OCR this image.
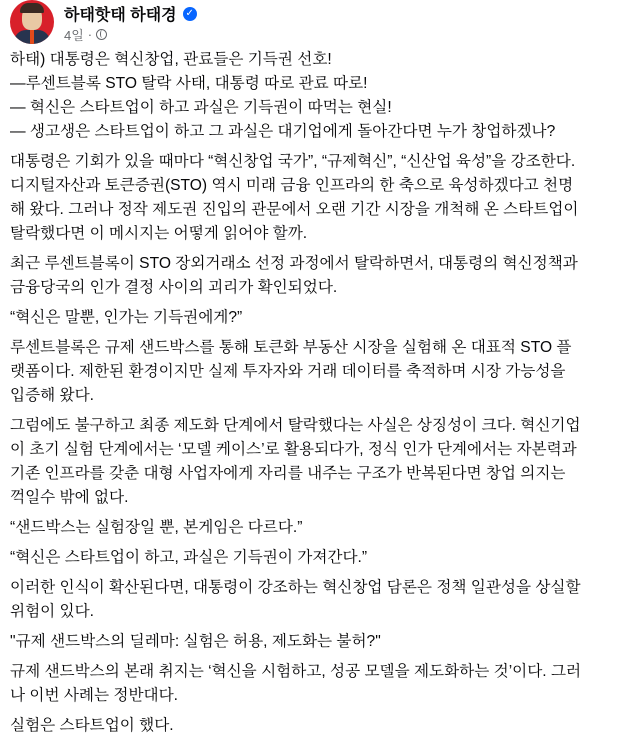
하태핫태 하태경 ✓
4일 ·

하태) 대통령은 혁신창업, 관료들은 기득권 선호!
—루센트블록 STO 탈락 사태, 대통령 따로 관료 따로!
— 혁신은 스타트업이 하고 과실은 기득권이 따먹는 현실!
— 생고생은 스타트업이 하고 그 과실은 대기업에게 돌아간다면 누가 창업하겠나?

대통령은 기회가 있을 때마다 “혁신창업 국가”, “규제혁신”, “신산업 육성”을 강조한다.
디지털자산과 토큰증권(STO) 역시 미래 금융 인프라의 한 축으로 육성하겠다고 천명
해 왔다. 그러나 정작 제도권 진입의 관문에서 오랜 기간 시장을 개척해 온 스타트업이
탈락했다면 이 메시지는 어떻게 읽어야 할까.

최근 루센트블록이 STO 장외거래소 선정 과정에서 탈락하면서, 대통령의 혁신정책과
금융당국의 인가 결정 사이의 괴리가 확인되었다.

“혁신은 말뿐, 인가는 기득권에게?”

루센트블록은 규제 샌드박스를 통해 토큰화 부동산 시장을 실험해 온 대표적 STO 플
랫폼이다. 제한된 환경이지만 실제 투자자와 거래 데이터를 축적하며 시장 가능성을
입증해 왔다.

그럼에도 불구하고 최종 제도화 단계에서 탈락했다는 사실은 상징성이 크다. 혁신기업
이 초기 실험 단계에서는 ‘모델 케이스’로 활용되다가, 정식 인가 단계에서는 자본력과
기존 인프라를 갖춘 대형 사업자에게 자리를 내주는 구조가 반복된다면 창업 의지는
꺽일수 밖에 없다.

“샌드박스는 실험장일 뿐, 본게임은 다르다.”

“혁신은 스타트업이 하고, 과실은 기득권이 가져간다.”

이러한 인식이 확산된다면, 대통령이 강조하는 혁신창업 담론은 정책 일관성을 상실할
위험이 있다.

"규제 샌드박스의 딜레마: 실험은 허용, 제도화는 불허?"

규제 샌드박스의 본래 취지는 ‘혁신을 시험하고, 성공 모델을 제도화하는 것’이다. 그러
나 이번 사례는 정반대다.

실험은 스타트업이 했다.
